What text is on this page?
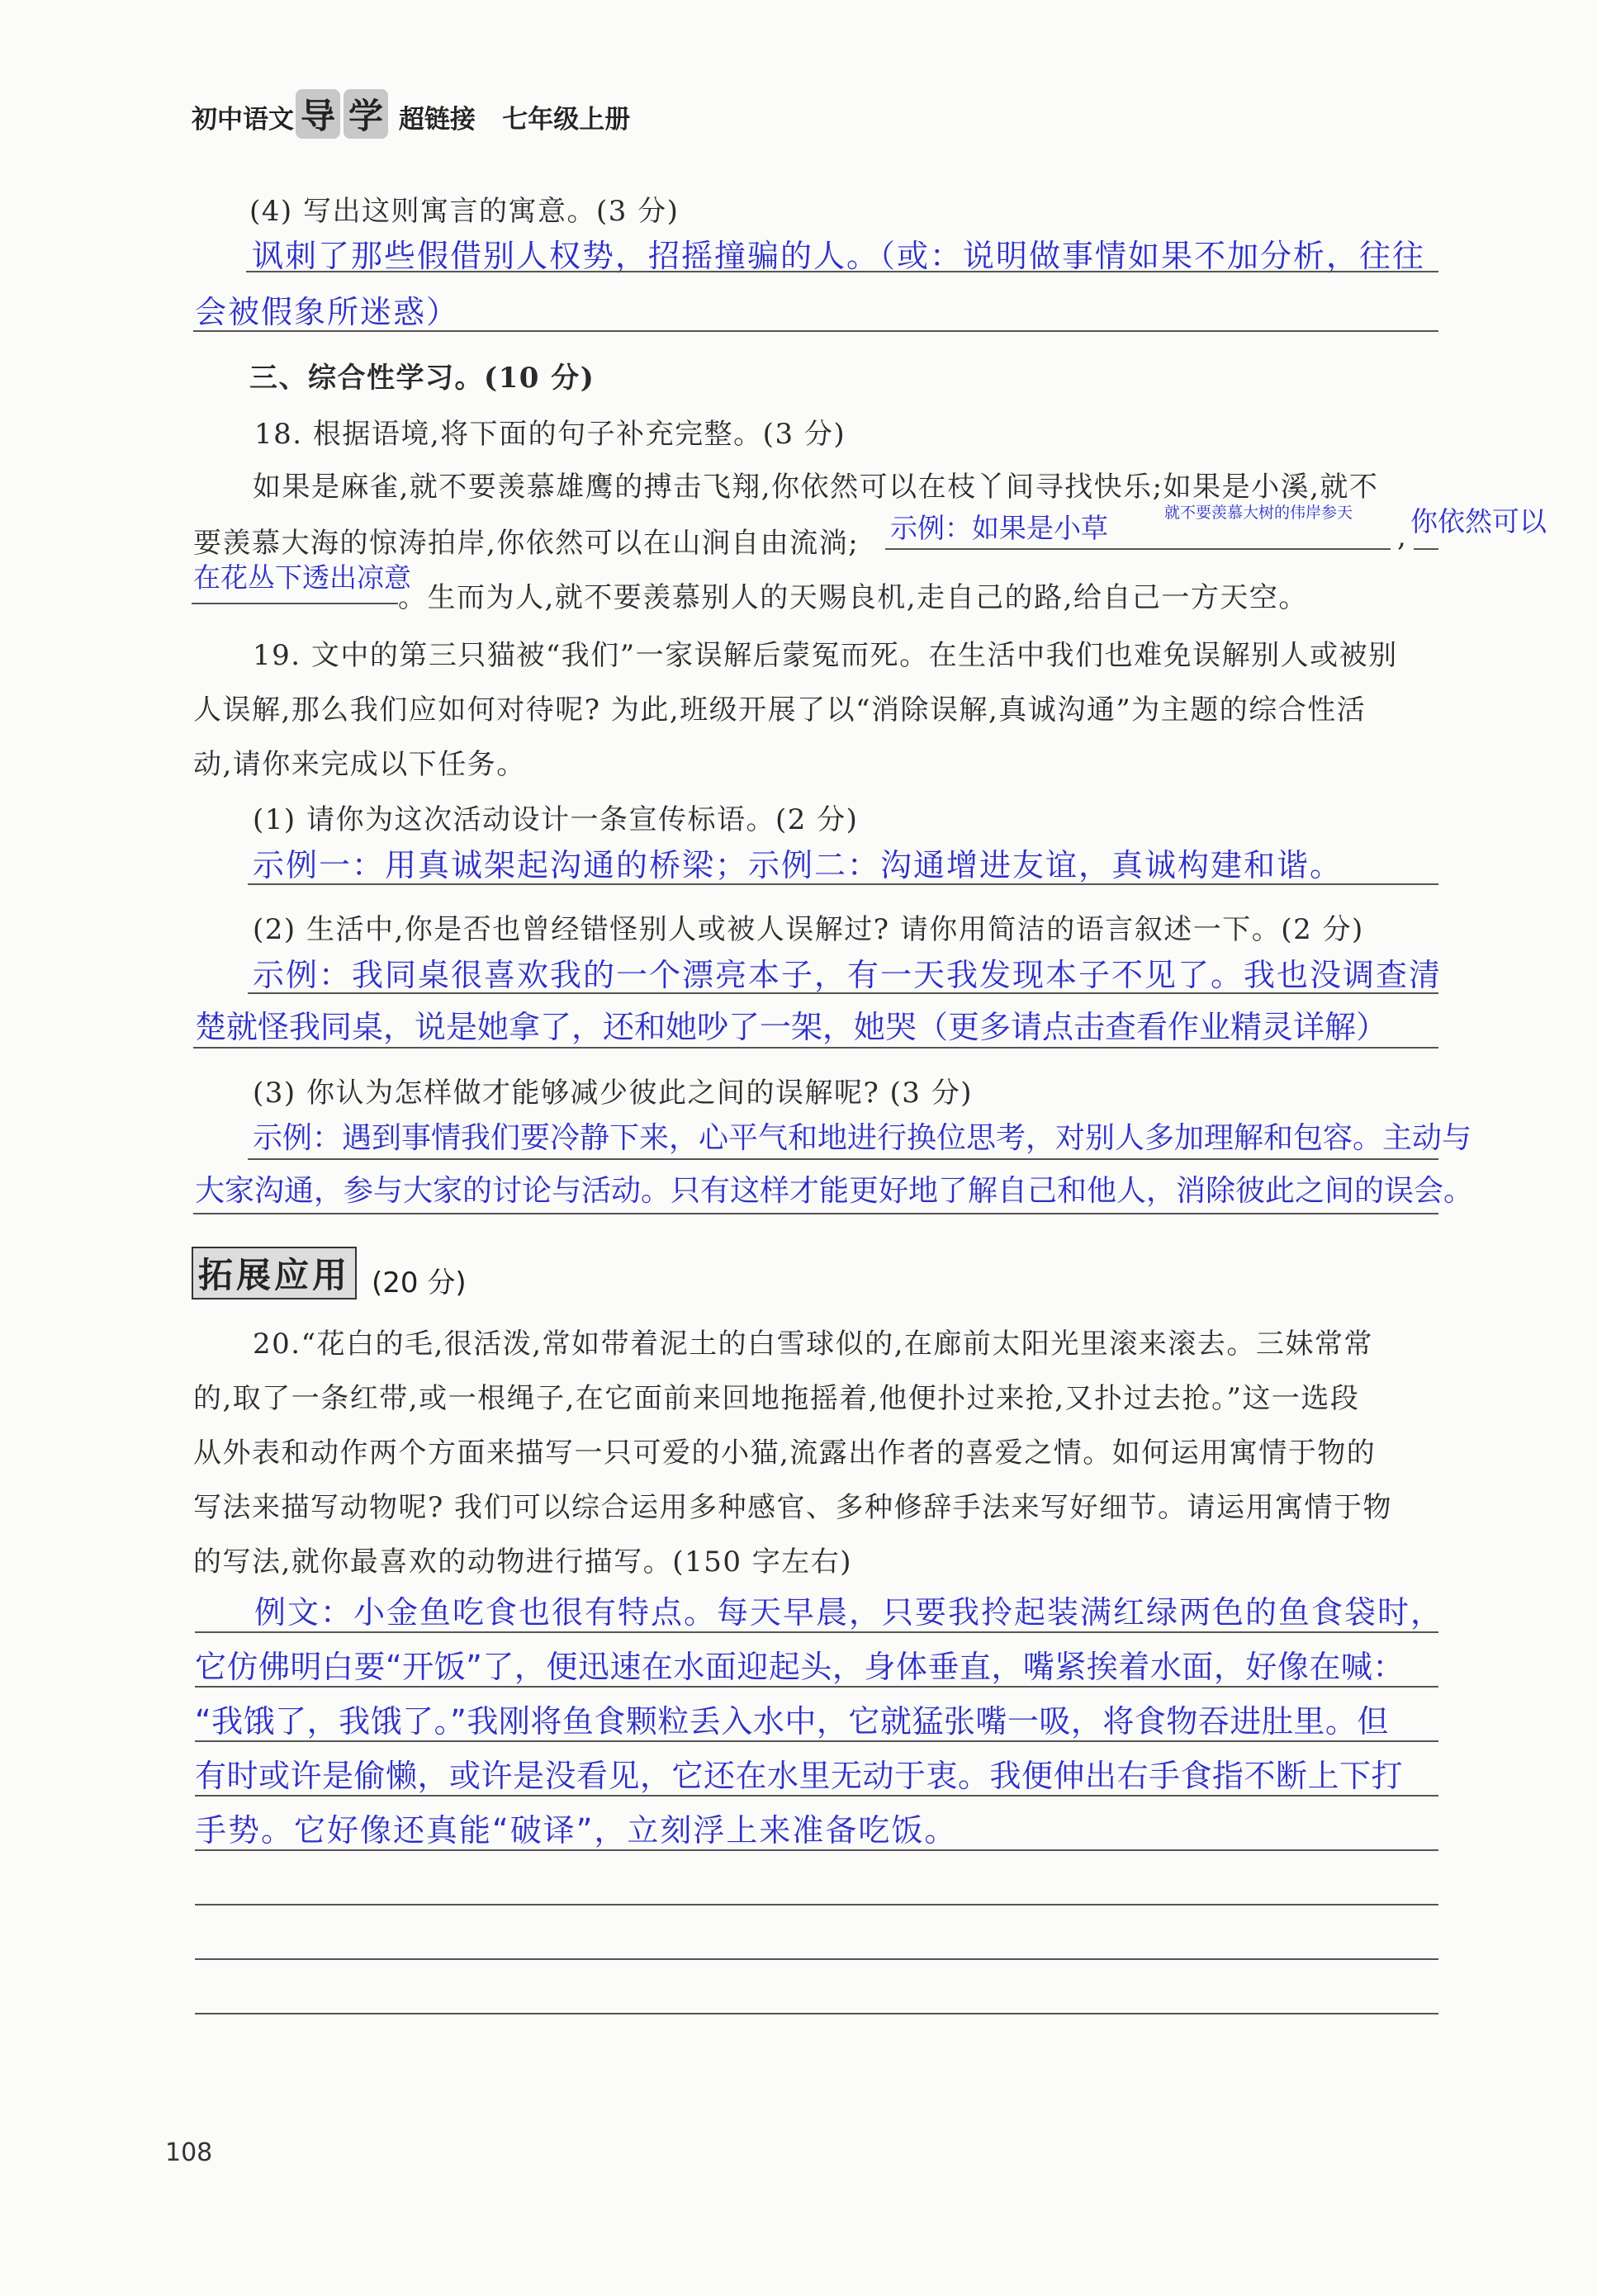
初中语文 导 学 超链接 七年级上册
(4) 写出这则寓言的寓意。(3 分)
讽刺了那些假借别人权势，招摇撞骗的人。（或：说明做事情如果不加分析，往往
会被假象所迷惑）
三、综合性学习。(10 分)
18. 根据语境,将下面的句子补充完整。(3 分)
如果是麻雀,就不要羡慕雄鹰的搏击飞翔,你依然可以在枝丫间寻找快乐;如果是小溪,就不
要羡慕大海的惊涛拍岸,你依然可以在山涧自由流淌; 示例：如果是小草	就不要羡慕大树的伟岸参天
, 你依然可以
在花丛下透出凉意
。生而为人,就不要羡慕别人的天赐良机,走自己的路,给自己一方天空。
19. 文中的第三只猫被“我们”一家误解后蒙冤而死。在生活中我们也难免误解别人或被别
人误解,那么我们应如何对待呢? 为此,班级开展了以“消除误解,真诚沟通”为主题的综合性活
动,请你来完成以下任务。
(1) 请你为这次活动设计一条宣传标语。(2 分)
示例一：用真诚架起沟通的桥梁；示例二：沟通增进友谊，真诚构建和谐。
(2) 生活中,你是否也曾经错怪别人或被人误解过? 请你用简洁的语言叙述一下。(2 分)
示例：我同桌很喜欢我的一个漂亮本子，有一天我发现本子不见了。我也没调查清
楚就怪我同桌，说是她拿了，还和她吵了一架，她哭（更多请点击查看作业精灵详解）
(3) 你认为怎样做才能够减少彼此之间的误解呢? (3 分)
示例：遇到事情我们要冷静下来，心平气和地进行换位思考，对别人多加理解和包容。主动与
大家沟通，参与大家的讨论与活动。只有这样才能更好地了解自己和他人，消除彼此之间的误会。
拓展应用 (20 分)
20.“花白的毛,很活泼,常如带着泥土的白雪球似的,在廊前太阳光里滚来滚去。三妹常常
的,取了一条红带,或一根绳子,在它面前来回地拖摇着,他便扑过来抢,又扑过去抢。”这一选段
从外表和动作两个方面来描写一只可爱的小猫,流露出作者的喜爱之情。如何运用寓情于物的
写法来描写动物呢? 我们可以综合运用多种感官、多种修辞手法来写好细节。请运用寓情于物
的写法,就你最喜欢的动物进行描写。(150 字左右)
例文：小金鱼吃食也很有特点。每天早晨，只要我拎起装满红绿两色的鱼食袋时，
它仿佛明白要“开饭”了，便迅速在水面迎起头，身体垂直，嘴紧挨着水面，好像在喊：
“我饿了，我饿了。”我刚将鱼食颗粒丢入水中，它就猛张嘴一吸，将食物吞进肚里。但
有时或许是偷懒，或许是没看见，它还在水里无动于衷。我便伸出右手食指不断上下打
手势。它好像还真能“破译”，立刻浮上来准备吃饭。
108
